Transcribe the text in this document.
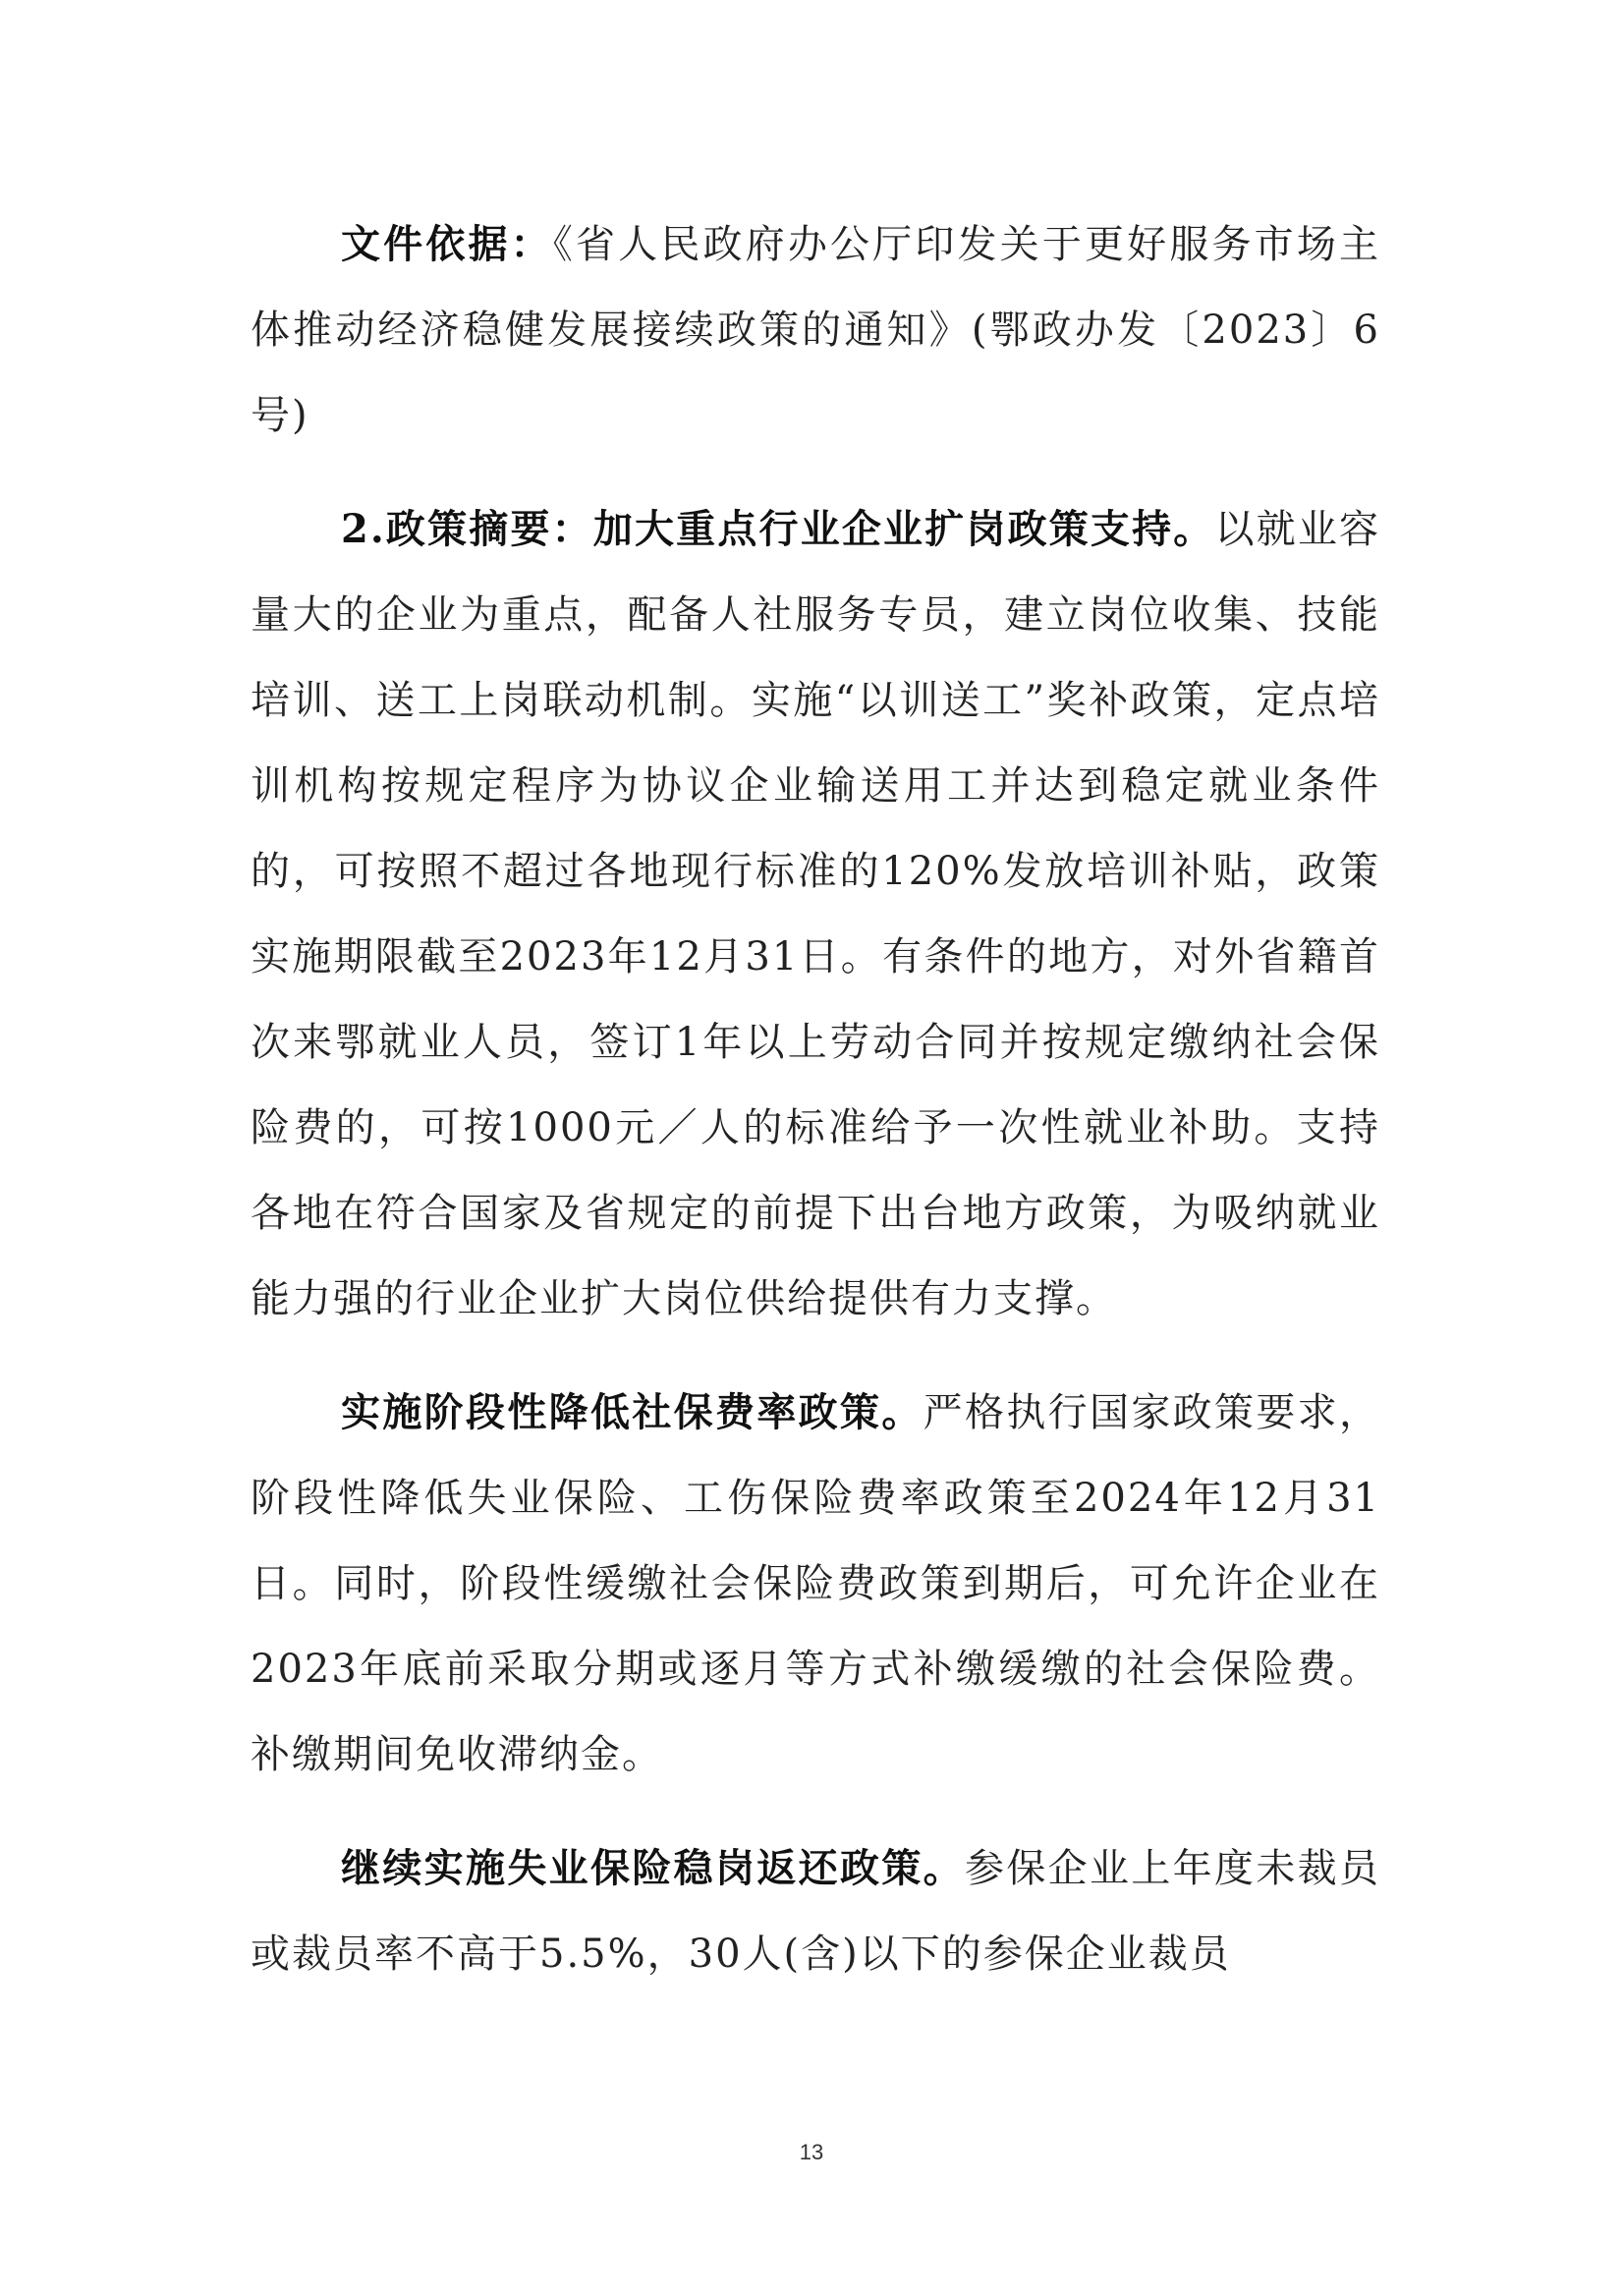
文件依据：《省人民政府办公厅印发关于更好服务市场主体推动经济稳健发展接续政策的通知》(鄂政办发〔2023〕6号)

2.政策摘要：加大重点行业企业扩岗政策支持。以就业容量大的企业为重点，配备人社服务专员，建立岗位收集、技能培训、送工上岗联动机制。实施“以训送工”奖补政策，定点培训机构按规定程序为协议企业输送用工并达到稳定就业条件的，可按照不超过各地现行标准的120%发放培训补贴，政策实施期限截至2023年12月31日。有条件的地方，对外省籍首次来鄂就业人员，签订1年以上劳动合同并按规定缴纳社会保险费的，可按1000元／人的标准给予一次性就业补助。支持各地在符合国家及省规定的前提下出台地方政策，为吸纳就业能力强的行业企业扩大岗位供给提供有力支撑。

实施阶段性降低社保费率政策。严格执行国家政策要求，阶段性降低失业保险、工伤保险费率政策至2024年12月31日。同时，阶段性缓缴社会保险费政策到期后，可允许企业在2023年底前采取分期或逐月等方式补缴缓缴的社会保险费。补缴期间免收滞纳金。

继续实施失业保险稳岗返还政策。参保企业上年度未裁员或裁员率不高于5.5%，30人(含)以下的参保企业裁员

13
